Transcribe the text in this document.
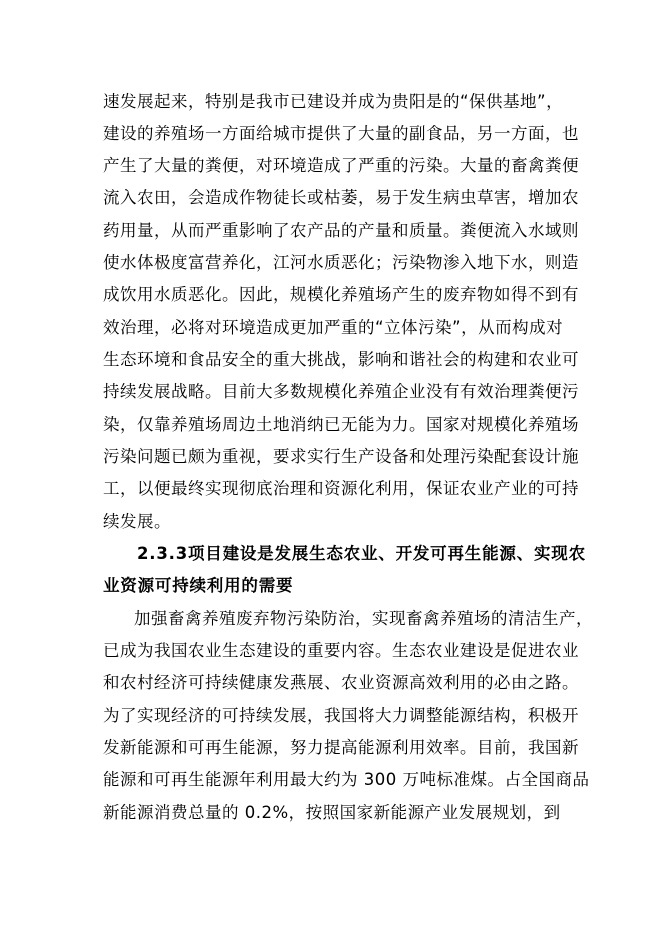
速发展起来，特别是我市已建设并成为贵阳是的“保供基地”，
建设的养殖场一方面给城市提供了大量的副食品，另一方面，也
产生了大量的粪便，对环境造成了严重的污染。大量的畜禽粪便
流入农田，会造成作物徒长或枯萎，易于发生病虫草害，增加农
药用量，从而严重影响了农产品的产量和质量。粪便流入水域则
使水体极度富营养化，江河水质恶化；污染物渗入地下水，则造
成饮用水质恶化。因此，规模化养殖场产生的废弃物如得不到有
效治理，必将对环境造成更加严重的“立体污染”，从而构成对
生态环境和食品安全的重大挑战，影响和谐社会的构建和农业可
持续发展战略。目前大多数规模化养殖企业没有有效治理粪便污
染，仅靠养殖场周边土地消纳已无能为力。国家对规模化养殖场
污染问题已颇为重视，要求实行生产设备和处理污染配套设计施
工，以便最终实现彻底治理和资源化利用，保证农业产业的可持
续发展。
2.3.3项目建设是发展生态农业、开发可再生能源、实现农
业资源可持续利用的需要
加强畜禽养殖废弃物污染防治，实现畜禽养殖场的清洁生产，
已成为我国农业生态建设的重要内容。生态农业建设是促进农业
和农村经济可持续健康发燕展、农业资源高效利用的必由之路。
为了实现经济的可持续发展，我国将大力调整能源结构，积极开
发新能源和可再生能源，努力提高能源利用效率。目前，我国新
能源和可再生能源年利用最大约为 300 万吨标准煤。占全国商品
新能源消费总量的 0.2%，按照国家新能源产业发展规划，到
